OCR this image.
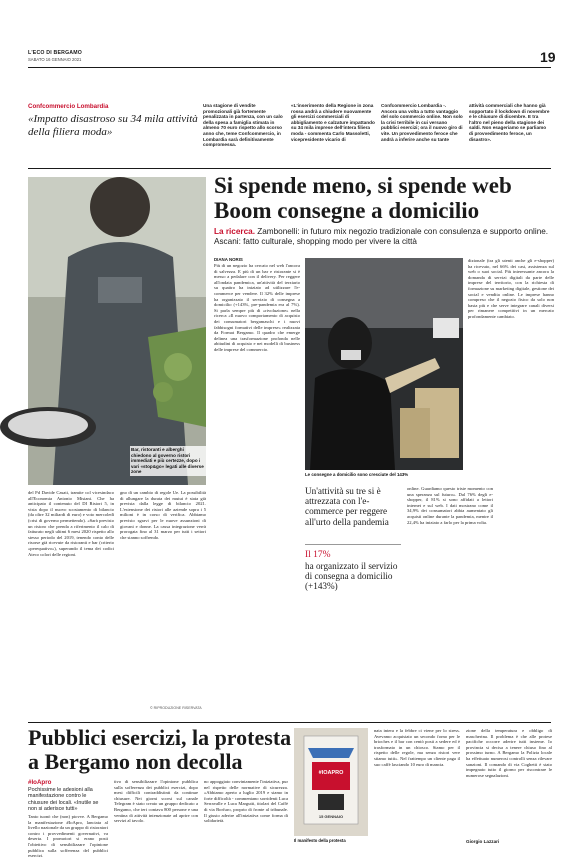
L'ECO DI BERGAMO
SABATO 16 GENNAIO 2021	19
Confcommercio Lombardia
«Impatto disastroso su 34 mila attività della filiera moda»
Una stagione di vendite promozionali già fortemente penalizzata in partenza, con un calo della spesa a famiglia stimata in almeno 70 euro rispetto allo scorso anno che, teme Confcommercio, in Lombardia sarà definitivamente compromessa.
«L'inserimento della Regione in zona rossa andrà a chiudere nuovamente gli esercizi commerciali di abbigliamento e calzature impattando su 34 mila imprese dell'intera filiera moda - commenta Carlo Massoletti, vicepresidente vicario di
Confcommercio Lombardia -. Ancora una volta a tutto vantaggio del solo commercio online. Non solo la crisi terribile in cui versano pubblici esercizi; ora il nuovo giro di vite. Un provvedimento feroce che andrà a inferire anche su tante
attività commerciali che hanno già sopportato il lockdown di novembre e le chiusure di dicembre. E tra l'altro nel pieno della stagione dei saldi. Non esageriamo se parliamo di provvedimento feroce, un disastro».
Bar, ristoranti e alberghi chiedono al governo ristori immediati e più certezze, dopo i vari «stop&go» legati alle diverse zone
del Pd Davide Casati, tramite col vicesindaco all'Economia Antonio Misiani. Che ha anticipato il contenuto del DI Ristori 5, in vista dopo il nuovo scostamento di bilancio (da oltre 32 miliardi di euro) e voto mercoledì (crisi di governo permettendo). «Sarà previsto un ristoro che prenda a riferimento il calo di fatturato negli ultimi 6 mesi 2020 rispetto allo stesso periodo del 2019, tenendo conto delle risorse già ricevute da ristoranti e bar (criterio «perequativo»), superando il tema dei codici Ateco colori delle regioni.
gno di un cambio di regole Ue. La possibilità di allungare la durata dei mutui è stata già prevista dalla legge di bilancio 2021. L'estensione dei ristori alle aziende sopra i 5 milioni è in corso di verifica. Abbiamo previsto sgravi per le nuove assunzioni di giovani e donne. La cassa integrazione verrà prorogata fino al 31 marzo per tutti i settori che stanno soffrendo.
© RIPRODUZIONE RISERVATA
Si spende meno, si spende web
Boom consegne a domicilio
La ricerca. Zambonelli: in futuro mix negozio tradizionale con consulenza e supporto online. Ascani: fatto culturale, shopping modo per vivere la città
DIANA NORIS
Più di un negozio ha cercato nel web l'ancora di salvezza. E più di un bar e ristorante si è messo a pedalare con il delivery. Per reggere all'ondata pandemica, un'attività del terziario su quattro ha iniziato ad utilizzare l'e-commerce per vendere. Il 32% delle imprese ha organizzato il servizio di consegna a domicilio (+143%, pre-pandemia era al 7%). Si parla sempre più di «rivoluzione» nella ricerca «Il nuovo comportamento di acquisto dei consumatori bergamaschi e i nuovi fabbisogni formativi delle imprese» realizzata da Format Bergamo. Il quadro che emerge delinea una trasformazione profonda nelle abitudini di acquisto e nei modelli di business delle imprese del commercio.
Le consegne a domicilio sono cresciute del 143%
Un'attività su tre si è attrezzata con l'e-commerce per reggere all'urto della pandemia
Il 17%
ha organizzato il servizio di consegna a domicilio (+143%)
online. Guardiamo questo triste momento con una speranza sul futuro». Dal 76% degli e-shopper, il 81% si sono affidati a lettori internet e sul web. I dati mostrano come il 34,9% dei consumatori abbia aumentato gli acquisti online durante la pandemia, mentre il 22,4% ha iniziato a farlo per la prima volta.
dizionale (tra gli utenti anche gli e-shopper) ha ricevuto, nel 66% dei casi, assistenza sul web o suoi social. Più interessante ancora la domanda di servizi digitali da parte delle imprese del territorio, con la richiesta di formazione su marketing digitale, gestione dei social e vendita online. Le imprese hanno compreso che il negozio fisico da solo non basta più e che serve integrare canali diversi per rimanere competitivi in un mercato profondamente cambiato.
Pubblici esercizi, la protesta
a Bergamo non decolla
#IoApro
Pochissime le adesioni alla manifestazione contro le chiusure dei locali. «Inutile se non si aderisce tutti»
Tanto tuonò che (non) piovve. A Bergamo la manifestazione #IoApro, lanciata al livello nazionale da un gruppo di ristoratori contro i provvedimenti governativi, va deserta. I promotori si erano posti l'obiettivo di sensibilizzare l'opinione pubblica sulla sofferenza del pubblici esercizi.
tivo di sensibilizzare l'opinione pubblica sulla sofferenza dei pubblici esercizi, dopo mesi difficili contraddistinti da continue chiusure. Nei giorni scorsi sul canale Telegram è stato creato un gruppo dedicato a Bergamo, che ieri contava 800 persone e una ventina di attività intenzionate ad aprire con servizi al tavolo.
no appoggiato convintamente l'iniziativa, pur nel rispetto delle normative di sicurezza. «Abbiamo aperto a luglio 2019 e siamo in forte difficoltà - commentano sorridenti Luca Serravalle e Luca Margutti, titolari del Caffè di via Borfuro, proprio di fronte al tribunale. Il giusto aderire all'iniziativa come forma di solidarietà.
#IOAPRO
15 GENNAIO
Il manifesto della protesta
nata intera e la febbre ci viene per lo stress. Avevamo acquistato un secondo forno per le brioches e il bar con centò posti a sedere ed è trasformato in un chiosco. Siamo per il rispetto delle regole, ma senza ristori vere stiamo tutti». Nel frattempo un cliente paga il suo caffè lasciando 10 euro di mancia.
zione della temperatura e obbligo di mascherina. Il problema è che alle protese pacifiche occorre aderire tutti insieme. Io provincia si decisa a tenere chiuso fino al prossimo turno. A Bergamo la Polizia locale ha effettuato numerosi controlli senza rilevare sanzioni. Il comando di via Coghetti è stato impegnato tutto il giorno per riscontrare le numerose segnalazioni.
Giorgio Lazzari
